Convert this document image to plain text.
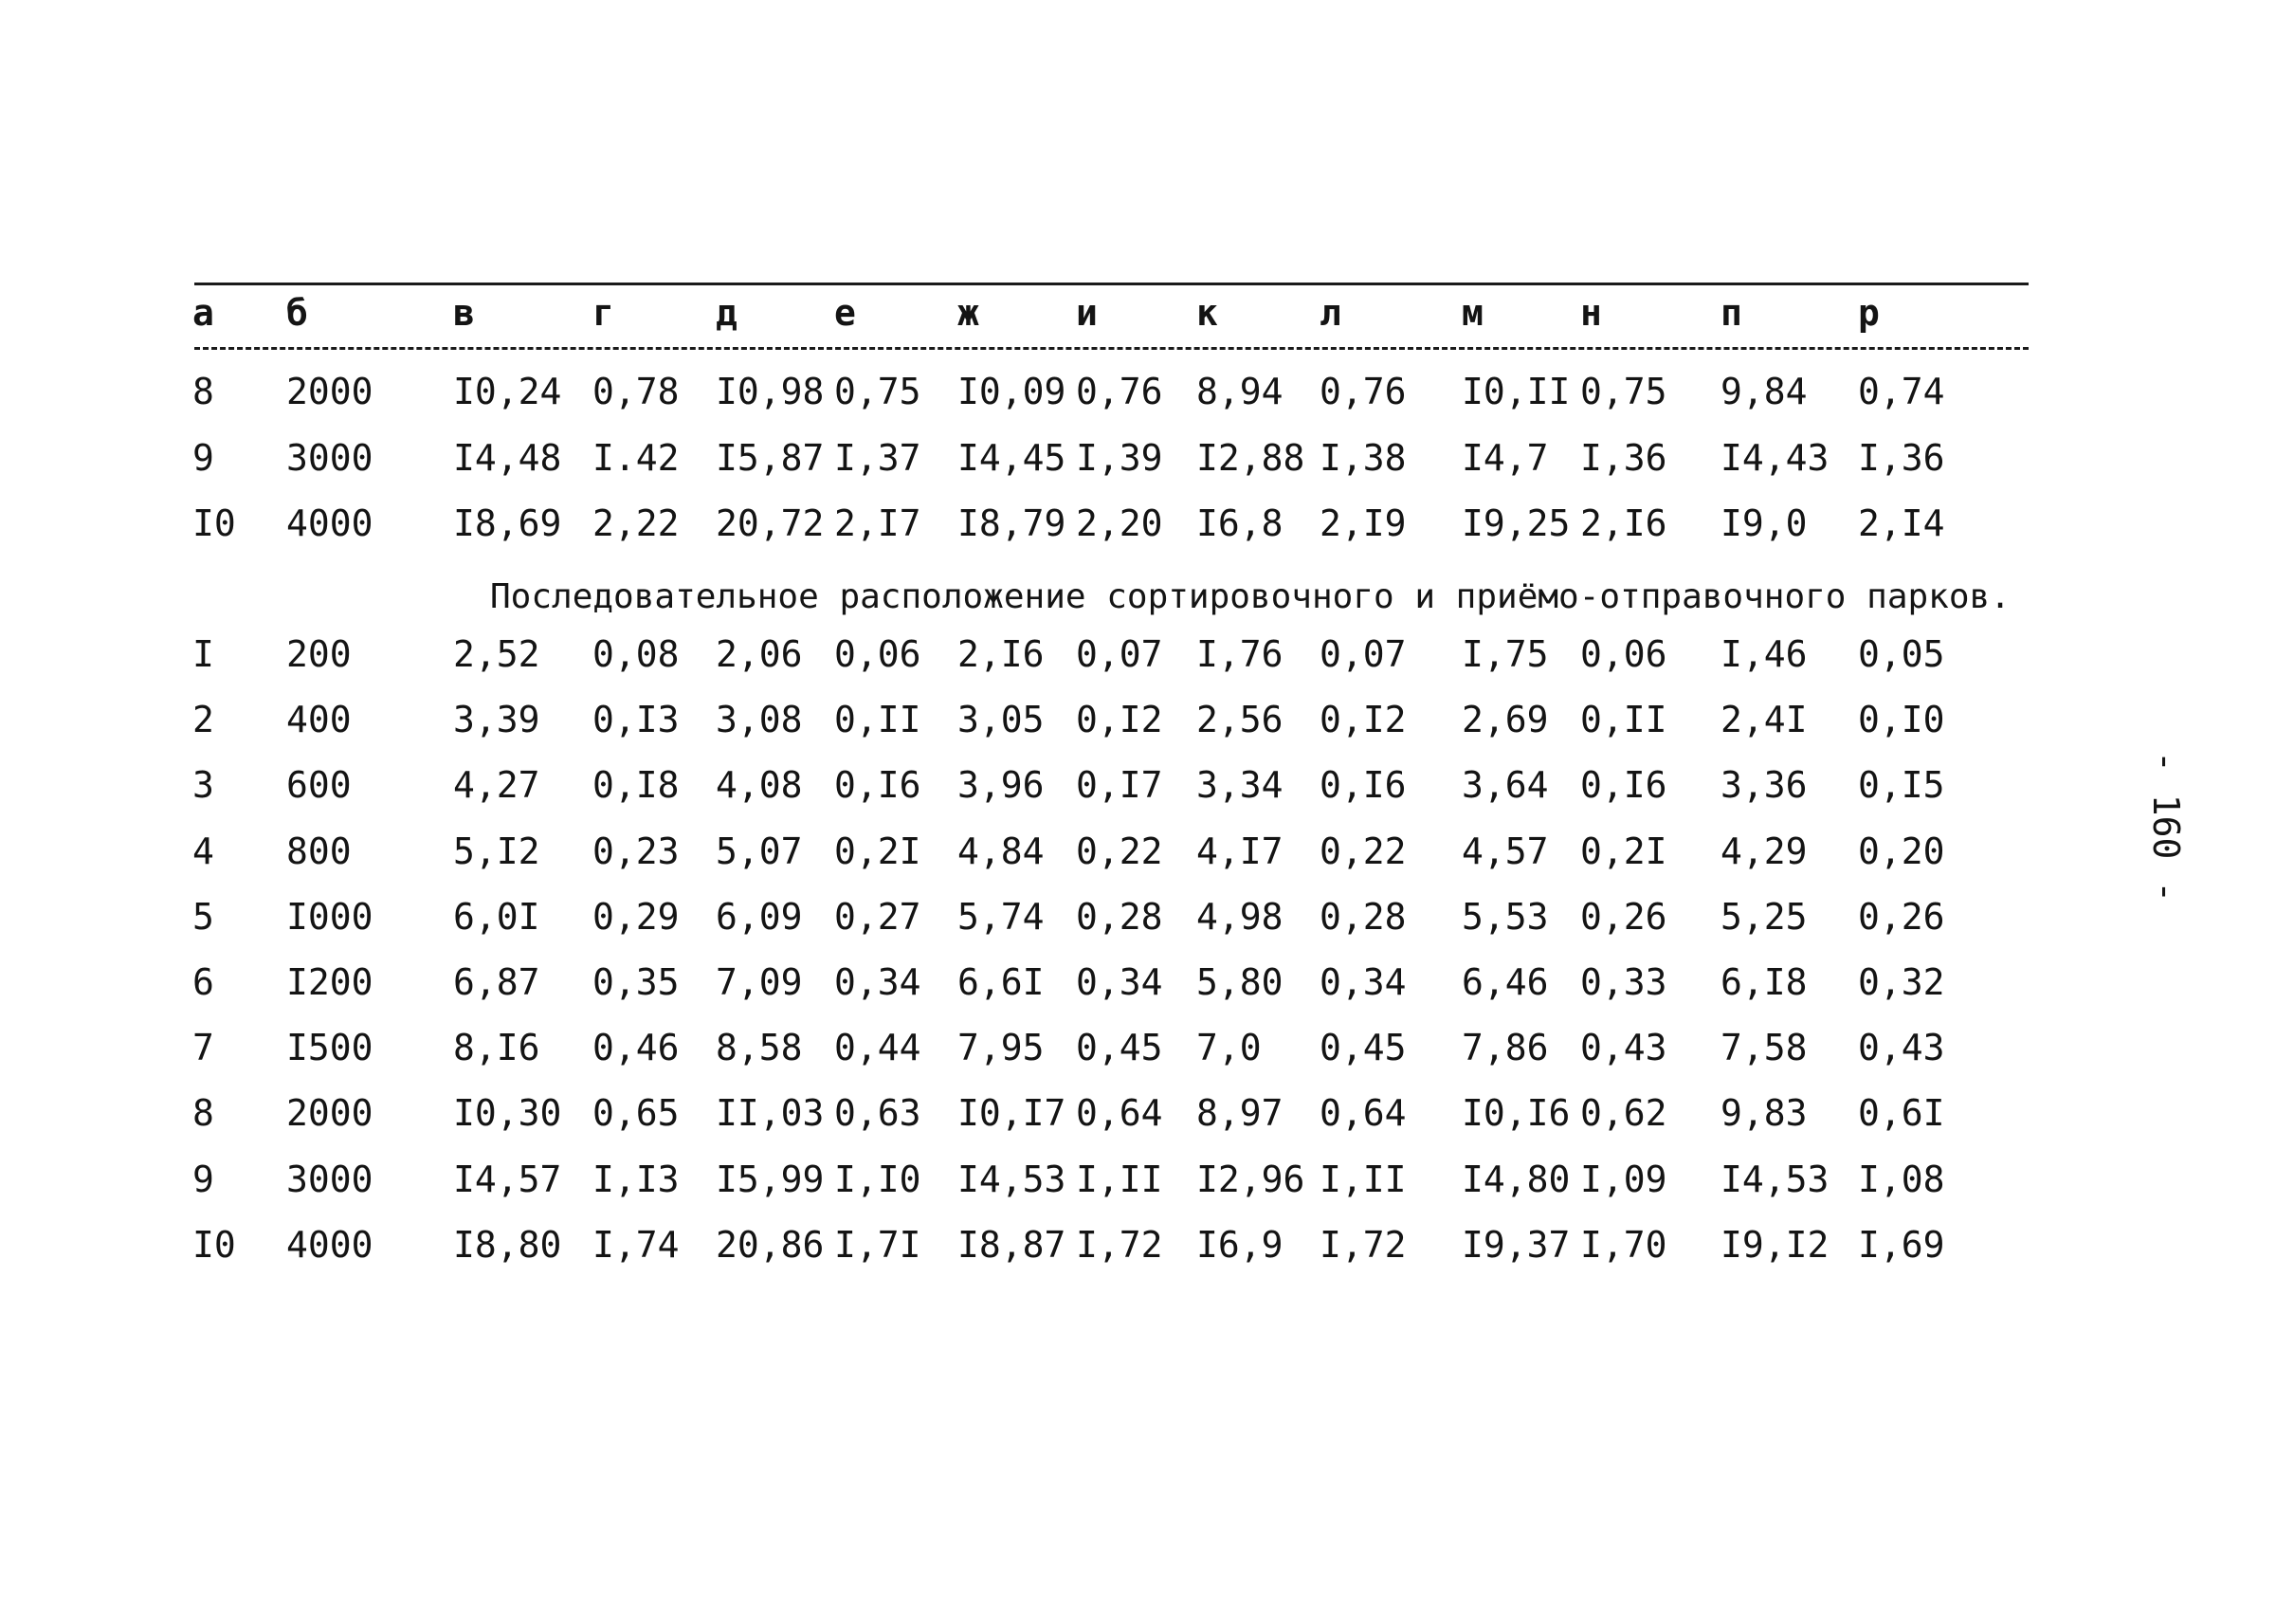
а б	в	г	д	е	ж	и	к	л	м	н	п	р
8 2000 I0,24 0,78 I0,98 0,75 I0,09 0,76 8,94 0,76 I0,II 0,75 9,84 0,74
9 3000 I4,48 I.42 I5,87 I,37 I4,45 I,39 I2,88 I,38 I4,7 I,36 I4,43 I,36
I0 4000 I8,69 2,22 20,72 2,I7 I8,79 2,20 I6,8 2,I9 I9,25 2,I6 I9,0 2,I4
Последовательное расположение сортировочного и приёмо-отправочного парков.
I 200	2,52 0,08 2,06 0,06 2,I6 0,07 I,76 0,07 I,75 0,06 I,46 0,05
2 400	3,39 0,I3 3,08 0,II 3,05 0,I2 2,56 0,I2 2,69 0,II 2,4I 0,I0
3 600	4,27 0,I8 4,08 0,I6 3,96 0,I7 3,34 0,I6 3,64 0,I6 3,36 0,I5
4 800	5,I2 0,23 5,07 0,2I 4,84 0,22 4,I7 0,22 4,57 0,2I 4,29 0,20
5 I000 6,0I 0,29 6,09 0,27 5,74 0,28 4,98 0,28 5,53 0,26 5,25 0,26
6 I200 6,87 0,35 7,09 0,34 6,6I 0,34 5,80 0,34 6,46 0,33 6,I8 0,32
7 I500 8,I6 0,46 8,58 0,44 7,95 0,45 7,0 0,45 7,86 0,43 7,58 0,43
8 2000 I0,30 0,65 II,03 0,63 I0,I7 0,64 8,97 0,64 I0,I6 0,62 9,83 0,6I
9 3000 I4,57 I,I3 I5,99 I,I0 I4,53 I,II I2,96 I,II I4,80 I,09 I4,53 I,08
I0 4000 I8,80 I,74 20,86 I,7I I8,87 I,72 I6,9 I,72 I9,37 I,70 I9,I2 I,69
- 160 -
